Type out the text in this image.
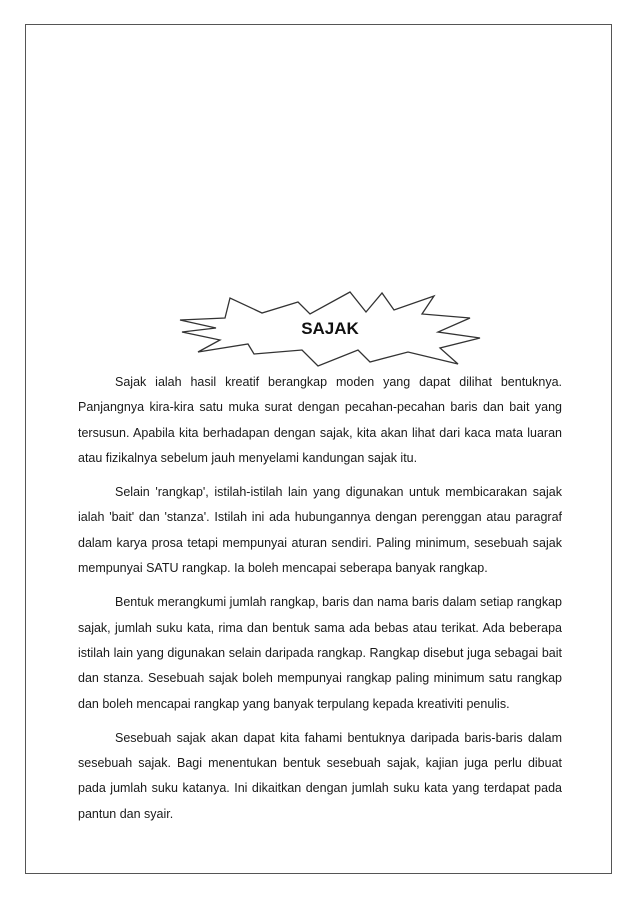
SAJAK

Sajak ialah hasil kreatif berangkap moden yang dapat dilihat bentuknya. Panjangnya kira-kira satu muka surat dengan pecahan-pecahan baris dan bait yang tersusun. Apabila kita berhadapan dengan sajak, kita akan lihat dari kaca mata luaran atau fizikalnya sebelum jauh menyelami kandungan sajak itu.

Selain 'rangkap', istilah-istilah lain yang digunakan untuk membicarakan sajak ialah 'bait' dan 'stanza'. Istilah ini ada hubungannya dengan perenggan atau paragraf dalam karya prosa tetapi mempunyai aturan sendiri. Paling minimum, sesebuah sajak mempunyai SATU rangkap. Ia boleh mencapai seberapa banyak rangkap.

Bentuk merangkumi jumlah rangkap, baris dan nama baris dalam setiap rangkap sajak, jumlah suku kata, rima dan bentuk sama ada bebas atau terikat. Ada beberapa istilah lain yang digunakan selain daripada rangkap. Rangkap disebut juga sebagai bait dan stanza. Sesebuah sajak boleh mempunyai rangkap paling minimum satu rangkap dan boleh mencapai rangkap yang banyak terpulang kepada kreativiti penulis.

Sesebuah sajak akan dapat kita fahami bentuknya daripada baris-baris dalam sesebuah sajak. Bagi menentukan bentuk sesebuah sajak, kajian juga perlu dibuat pada jumlah suku katanya. Ini dikaitkan dengan jumlah suku kata yang terdapat pada pantun dan syair.
